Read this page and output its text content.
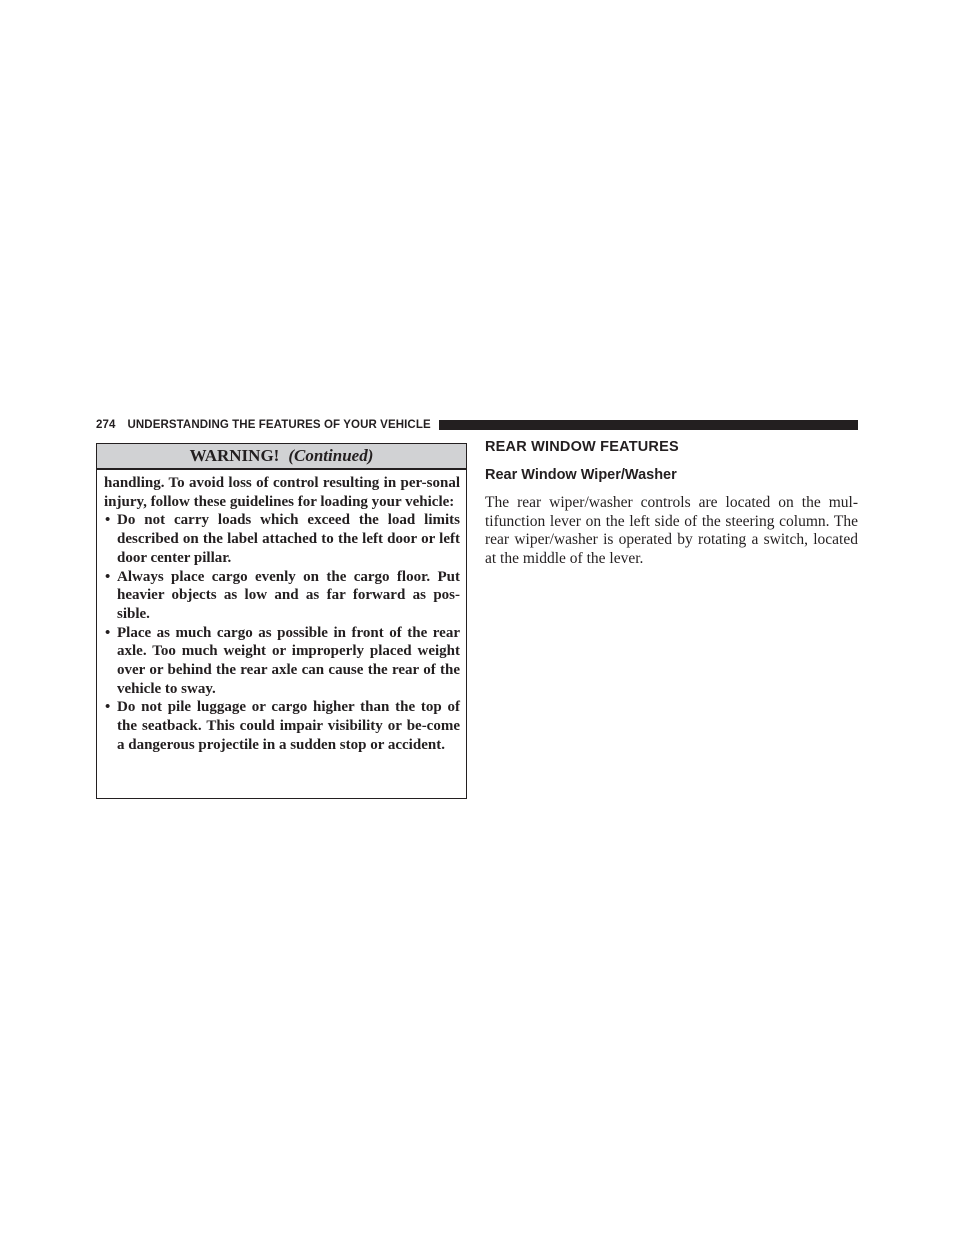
274 UNDERSTANDING THE FEATURES OF YOUR VEHICLE
WARNING! (Continued)

handling. To avoid loss of control resulting in per-sonal injury, follow these guidelines for loading your vehicle:

• Do not carry loads which exceed the load limits described on the label attached to the left door or left door center pillar.
• Always place cargo evenly on the cargo floor. Put heavier objects as low and as far forward as pos-sible.
• Place as much cargo as possible in front of the rear axle. Too much weight or improperly placed weight over or behind the rear axle can cause the rear of the vehicle to sway.
• Do not pile luggage or cargo higher than the top of the seatback. This could impair visibility or be-come a dangerous projectile in a sudden stop or accident.
REAR WINDOW FEATURES
Rear Window Wiper/Washer

The rear wiper/washer controls are located on the mul-tifunction lever on the left side of the steering column. The rear wiper/washer is operated by rotating a switch, located at the middle of the lever.
